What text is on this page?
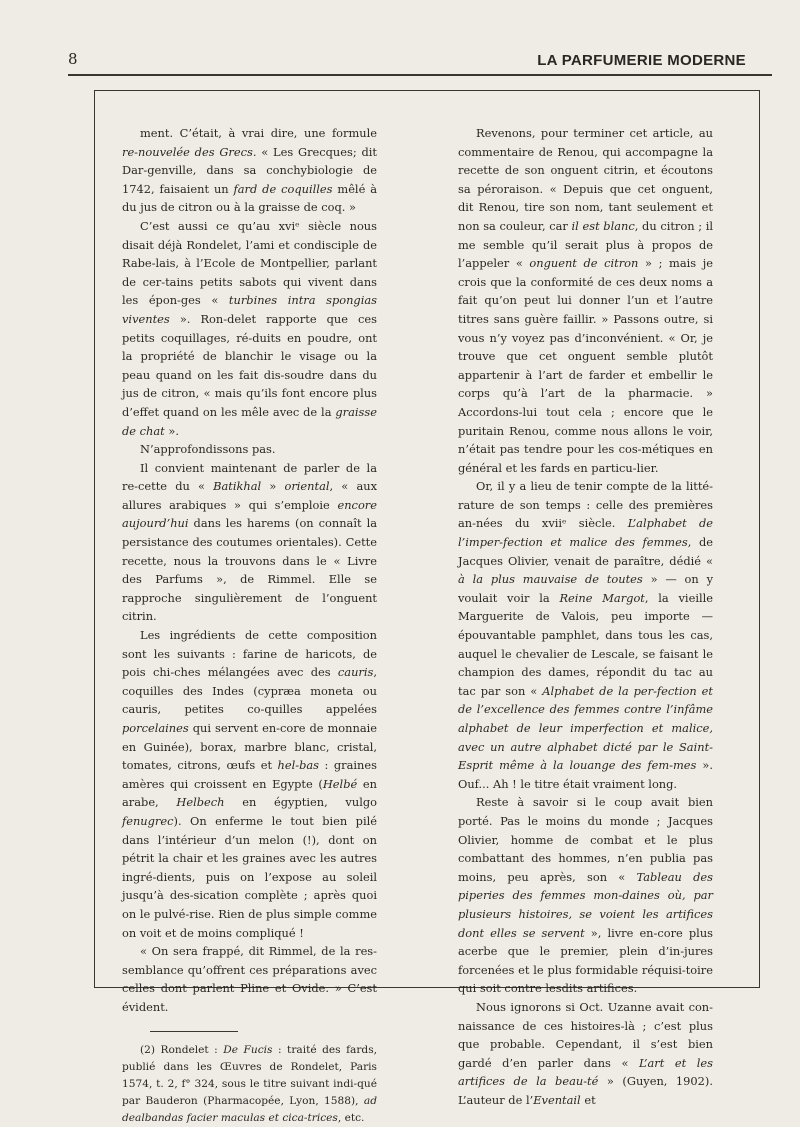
8	LA PARFUMERIE MODERNE

ment. C’était, à vrai dire, une formule re-nouvelée des Grecs. « Les Grecques; dit Dar-genville, dans sa conchybiologie de 1742, faisaient un fard de coquilles mêlé à du jus de citron ou à la graisse de coq. »

C’est aussi ce qu’au xviᵉ siècle nous disait déjà Rondelet, l’ami et condisciple de Rabe-lais, à l’Ecole de Montpellier, parlant de cer-tains petits sabots qui vivent dans les épon-ges « turbines intra spongias viventes ». Ron-delet rapporte que ces petits coquillages, ré-duits en poudre, ont la propriété de blanchir le visage ou la peau quand on les fait dis-soudre dans du jus de citron, « mais qu’ils font encore plus d’effet quand on les mêle avec de la graisse de chat ».

N’approfondissons pas.

Il convient maintenant de parler de la re-cette du « Batikhal » oriental, « aux allures arabiques » qui s’emploie encore aujourd’hui dans les harems (on connaît la persistance des coutumes orientales). Cette recette, nous la trouvons dans le « Livre des Parfums », de Rimmel. Elle se rapproche singulièrement de l’onguent citrin.

Les ingrédients de cette composition sont les suivants : farine de haricots, de pois chi-ches mélangées avec des cauris, coquilles des Indes (cypræa moneta ou cauris, petites co-quilles appelées porcelaines qui servent en-core de monnaie en Guinée), borax, marbre blanc, cristal, tomates, citrons, œufs et hel-bas : graines amères qui croissent en Egypte (Helbé en arabe, Helbech en égyptien, vulgo fenugrec). On enferme le tout bien pilé dans l’intérieur d’un melon (!), dont on pétrit la chair et les graines avec les autres ingré-dients, puis on l’expose au soleil jusqu’à des-sication complète ; après quoi on le pulvé-rise. Rien de plus simple comme on voit et de moins compliqué !

« On sera frappé, dit Rimmel, de la res-semblance qu’offrent ces préparations avec celles dont parlent Pline et Ovide. » C’est évident.

(2) Rondelet : De Fucis : traité des fards, publié dans les Œuvres de Rondelet, Paris 1574, t. 2, f° 324, sous le titre suivant indi-qué par Bauderon (Pharmacopée, Lyon, 1588), ad dealbandas facier maculas et cica-trices, etc.

Revenons, pour terminer cet article, au commentaire de Renou, qui accompagne la recette de son onguent citrin, et écoutons sa péroraison. « Depuis que cet onguent, dit Renou, tire son nom, tant seulement et non sa couleur, car il est blanc, du citron ; il me semble qu’il serait plus à propos de l’appeler « onguent de citron » ; mais je crois que la conformité de ces deux noms a fait qu’on peut lui donner l’un et l’autre titres sans guère faillir. » Passons outre, si vous n’y voyez pas d’inconvénient. « Or, je trouve que cet onguent semble plutôt appartenir à l’art de farder et embellir le corps qu’à l’art de la pharmacie. » Accordons-lui tout cela ; encore que le puritain Renou, comme nous allons le voir, n’était pas tendre pour les cos-métiques en général et les fards en particu-lier.

Or, il y a lieu de tenir compte de la litté-rature de son temps : celle des premières an-nées du xviiᵉ siècle. L’alphabet de l’imper-fection et malice des femmes, de Jacques Olivier, venait de paraître, dédié « à la plus mauvaise de toutes » — on y voulait voir la Reine Margot, la vieille Marguerite de Valois, peu importe — épouvantable pamphlet, dans tous les cas, auquel le chevalier de Lescale, se faisant le champion des dames, répondit du tac au tac par son « Alphabet de la per-fection et de l’excellence des femmes contre l’infâme alphabet de leur imperfection et malice, avec un autre alphabet dicté par le Saint-Esprit même à la louange des fem-mes ». Ouf... Ah ! le titre était vraiment long.

Reste à savoir si le coup avait bien porté. Pas le moins du monde ; Jacques Olivier, homme de combat et le plus combattant des hommes, n’en publia pas moins, peu après, son « Tableau des piperies des femmes mon-daines où, par plusieurs histoires, se voient les artifices dont elles se servent », livre en-core plus acerbe que le premier, plein d’in-jures forcenées et le plus formidable réquisi-toire qui soit contre lesdits artifices.

Nous ignorons si Oct. Uzanne avait con-naissance de ces histoires-là ; c’est plus que probable. Cependant, il s’est bien gardé d’en parler dans « L’art et les artifices de la beau-té » (Guyen, 1902). L’auteur de l’Eventail et
